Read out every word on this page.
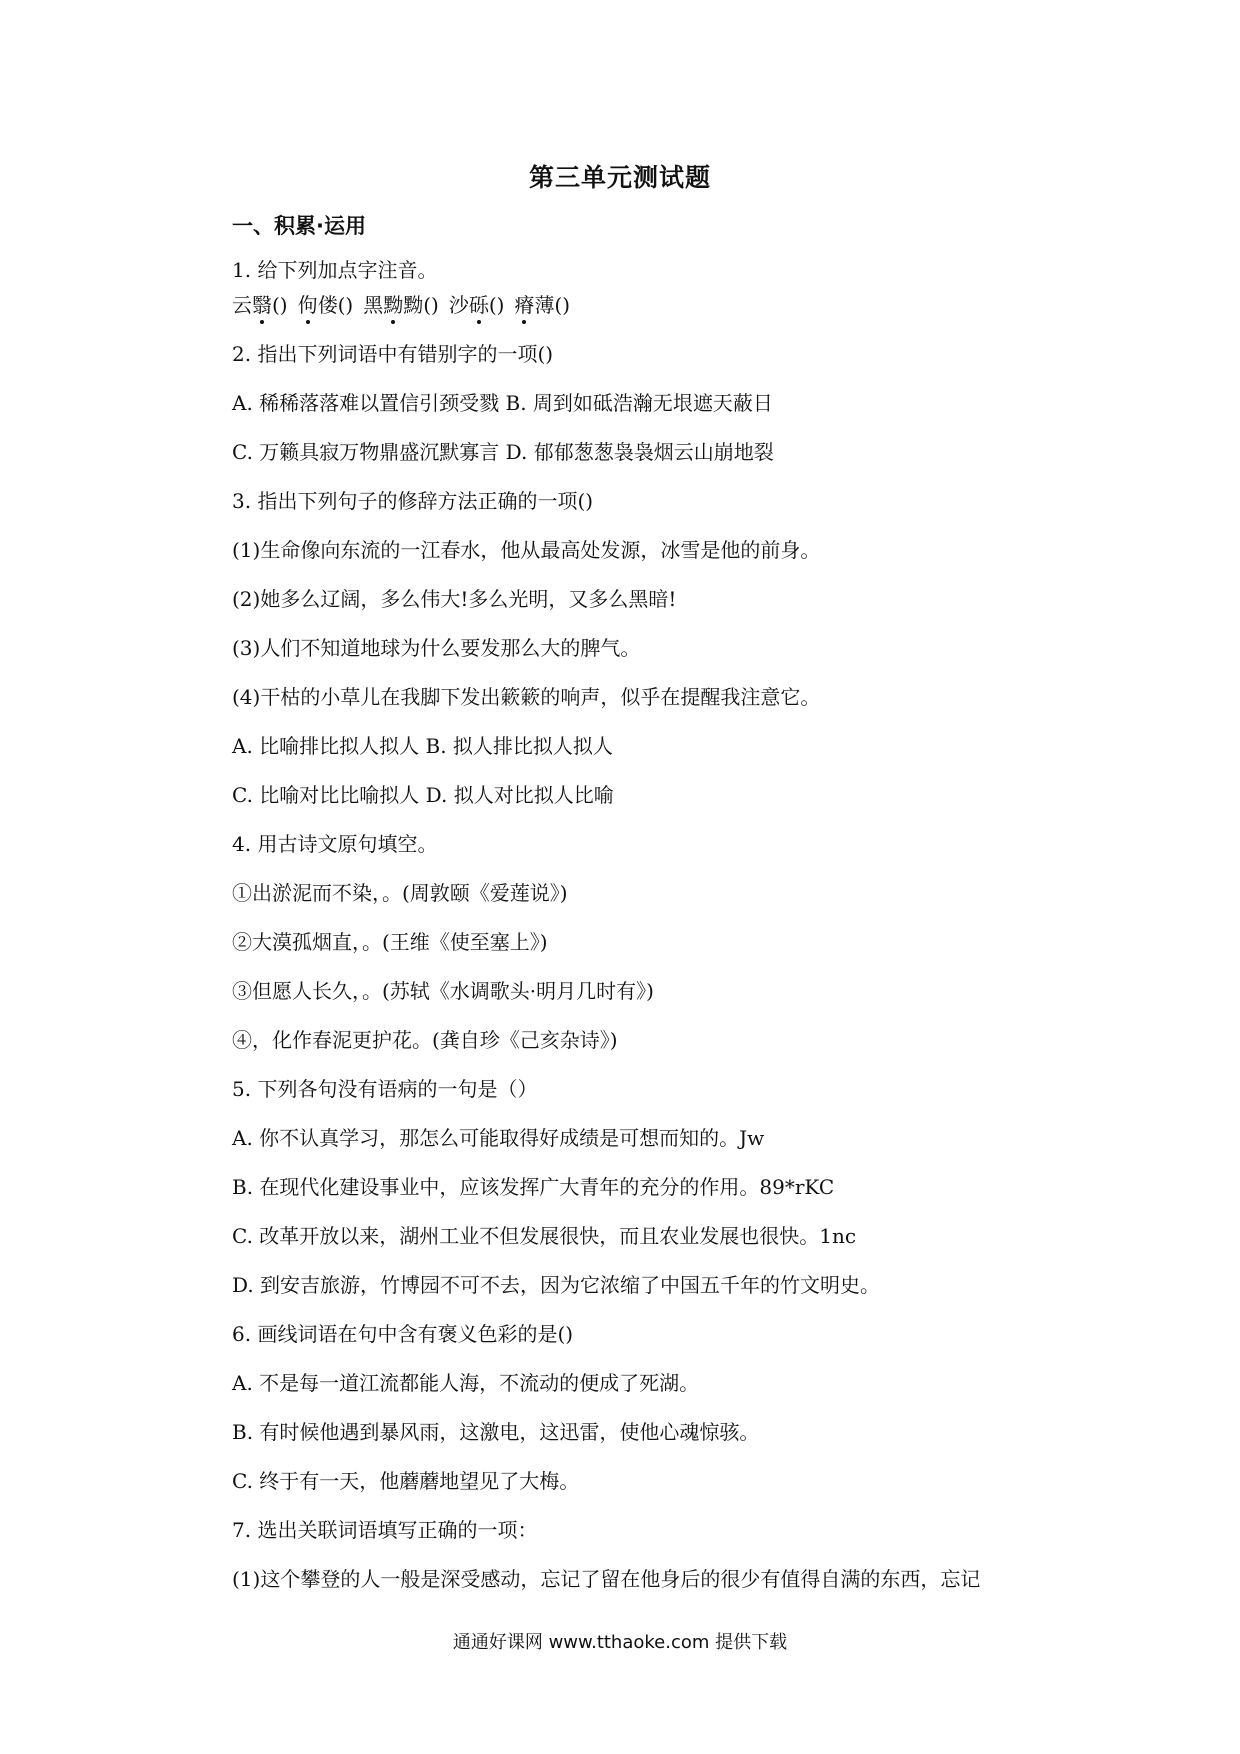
第三单元测试题
一、积累·运用
1. 给下列加点字注音。
云翳() 佝偻() 黑黝黝() 沙砾() 瘠薄()
2. 指出下列词语中有错别字的一项()
A. 稀稀落落难以置信引颈受戮 B. 周到如砥浩瀚无垠遮天蔽日
C. 万籁具寂万物鼎盛沉默寡言 D. 郁郁葱葱袅袅烟云山崩地裂
3. 指出下列句子的修辞方法正确的一项()
(1)生命像向东流的一江春水，他从最高处发源，冰雪是他的前身。
(2)她多么辽阔，多么伟大!多么光明，又多么黑暗!
(3)人们不知道地球为什么要发那么大的脾气。
(4)干枯的小草儿在我脚下发出簌簌的响声，似乎在提醒我注意它。
A. 比喻排比拟人拟人 B. 拟人排比拟人拟人
C. 比喻对比比喻拟人 D. 拟人对比拟人比喻
4. 用古诗文原句填空。
①出淤泥而不染，。(周敦颐《爱莲说》)
②大漠孤烟直，。(王维《使至塞上》)
③但愿人长久，。(苏轼《水调歌头·明月几时有》)
④，化作春泥更护花。(龚自珍《己亥杂诗》)
5. 下列各句没有语病的一句是（）
A. 你不认真学习，那怎么可能取得好成绩是可想而知的。Jw
B. 在现代化建设事业中，应该发挥广大青年的充分的作用。89*rKC
C. 改革开放以来，湖州工业不但发展很快，而且农业发展也很快。1nc
D. 到安吉旅游，竹博园不可不去，因为它浓缩了中国五千年的竹文明史。
6. 画线词语在句中含有褒义色彩的是()
A. 不是每一道江流都能人海，不流动的便成了死湖。
B. 有时候他遇到暴风雨，这激电，这迅雷，使他心魂惊骇。
C. 终于有一天，他蘑蘑地望见了大梅。
7. 选出关联词语填写正确的一项：
(1)这个攀登的人一般是深受感动，忘记了留在他身后的很少有值得自满的东西，忘记
通通好课网 www.tthaoke.com 提供下载
